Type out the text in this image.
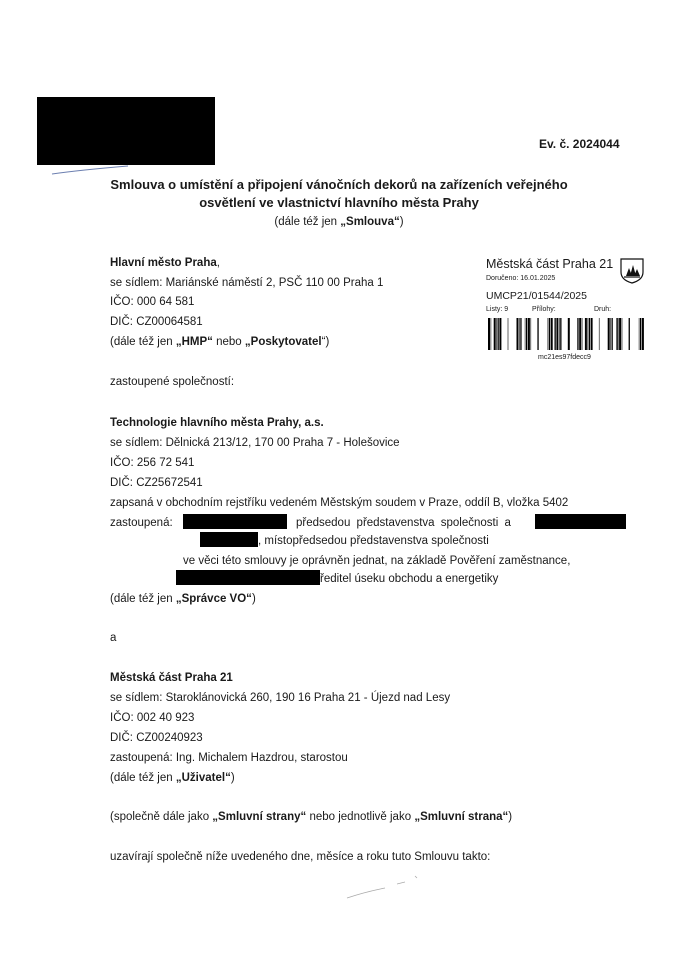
Ev. č. 2024044
Smlouva o umístění a připojení vánočních dekorů na zařízeních veřejného
osvětlení ve vlastnictví hlavního města Prahy
(dále též jen „Smlouva“)
Hlavní město Praha,
se sídlem: Mariánské náměstí 2, PSČ 110 00 Praha 1
IČO: 000 64 581
DIČ: CZ00064581
(dále též jen „HMP“ nebo „Poskytovatel“)
Městská část Praha 21
Doručeno: 16.01.2025
UMCP21/01544/2025
Listy: 9	Přílohy:	Druh:
mc21es97fdecc9
zastoupené společností:
Technologie hlavního města Prahy, a.s.
se sídlem: Dělnická 213/12, 170 00 Praha 7 - Holešovice
IČO: 256 72 541
DIČ: CZ25672541
zapsaná v obchodním rejstříku vedeném Městským soudem v Praze, oddíl B, vložka 5402
zastoupená:	předsedou představenstva společnosti a
, místopředsedou představenstva společnosti
ve věci této smlouvy je oprávněn jednat, na základě Pověření zaměstnance,
ředitel úseku obchodu a energetiky
(dále též jen „Správce VO“)
a
Městská část Praha 21
se sídlem: Staroklánovická 260, 190 16 Praha 21 - Újezd nad Lesy
IČO: 002 40 923
DIČ: CZ00240923
zastoupená: Ing. Michalem Hazdrou, starostou
(dále též jen „Uživatel“)
(společně dále jako „Smluvní strany“ nebo jednotlivě jako „Smluvní strana“)
uzavírají společně níže uvedeného dne, měsíce a roku tuto Smlouvu takto:
